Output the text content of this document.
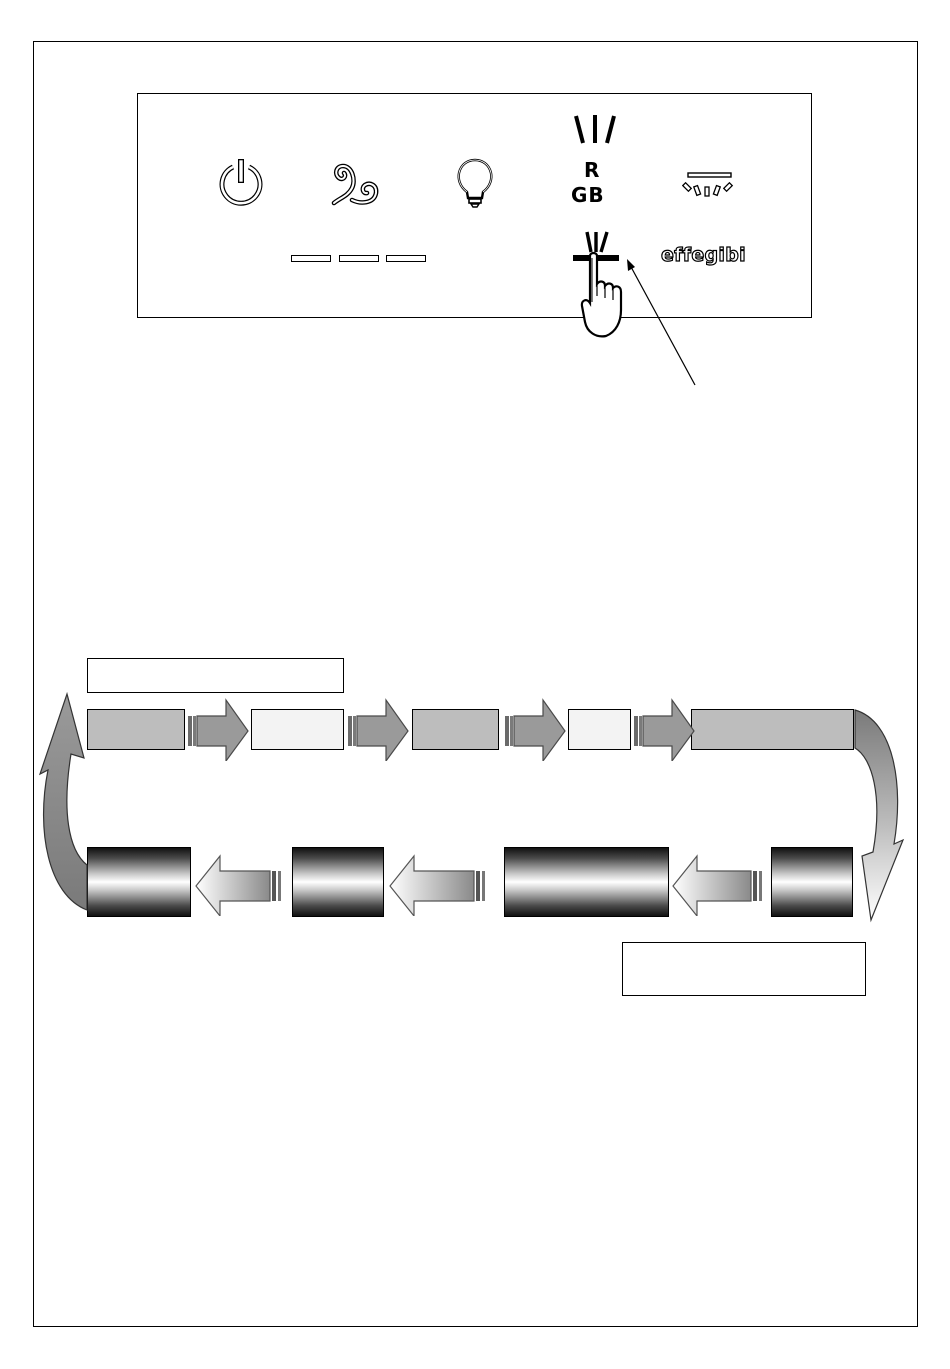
R
GB
effegibi
